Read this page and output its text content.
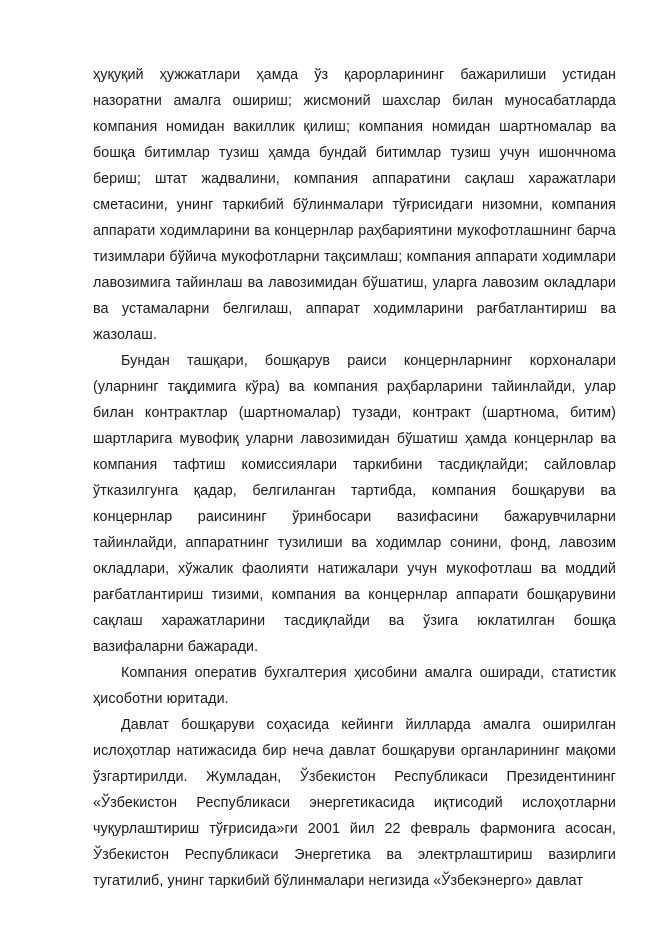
ҳуқуқий ҳужжатлари ҳамда ўз қарорларининг бажарилиши устидан назоратни амалга ошириш; жисмоний шахслар билан муносабатларда компания номидан вакиллик қилиш; компания номидан шартномалар ва бошқа битимлар тузиш ҳамда бундай битимлар тузиш учун ишончнома бериш; штат жадвалини, компания аппаратини сақлаш харажатлари сметасини, унинг таркибий бўлинмалари тўғрисидаги низомни, компания аппарати ходимларини ва концернлар раҳбариятини мукофотлашнинг барча тизимлари бўйича мукофотларни тақсимлаш; компания аппарати ходимлари лавозимига тайинлаш ва лавозимидан бўшатиш, уларга лавозим окладлари ва устамаларни белгилаш, аппарат ходимларини рағбатлантириш ва жазолаш.

Бундан ташқари, бошқарув раиси концернларнинг корхоналари (уларнинг тақдимига кўра) ва компания раҳбарларини тайинлайди, улар билан контрактлар (шартномалар) тузади, контракт (шартнома, битим) шартларига мувофиқ уларни лавозимидан бўшатиш ҳамда концернлар ва компания тафтиш комиссиялари таркибини тасдиқлайди; сайловлар ўтказилгунга қадар, белгиланган тартибда, компания бошқаруви ва концернлар раисининг ўринбосари вазифасини бажарувчиларни тайинлайди, аппаратнинг тузилиши ва ходимлар сонини, фонд, лавозим окладлари, хўжалик фаолияти натижалари учун мукофотлаш ва моддий рағбатлантириш тизими, компания ва концернлар аппарати бошқарувини сақлаш харажатларини тасдиқлайди ва ўзига юклатилган бошқа вазифаларни бажаради.

Компания оператив бухгалтерия ҳисобини амалга оширади, статистик ҳисоботни юритади.

Давлат бошқаруви соҳасида кейинги йилларда амалга оширилган ислоҳотлар натижасида бир неча давлат бошқаруви органларининг мақоми ўзгартирилди. Жумладан, Ўзбекистон Республикаси Президентининг «Ўзбекистон Республикаси энергетикасида иқтисодий ислоҳотларни чуқурлаштириш тўғрисида»ги 2001 йил 22 февраль фармонига асосан, Ўзбекистон Республикаси Энергетика ва электрлаштириш вазирлиги тугатилиб, унинг таркибий бўлинмалари негизида «Ўзбекэнерго» давлат
